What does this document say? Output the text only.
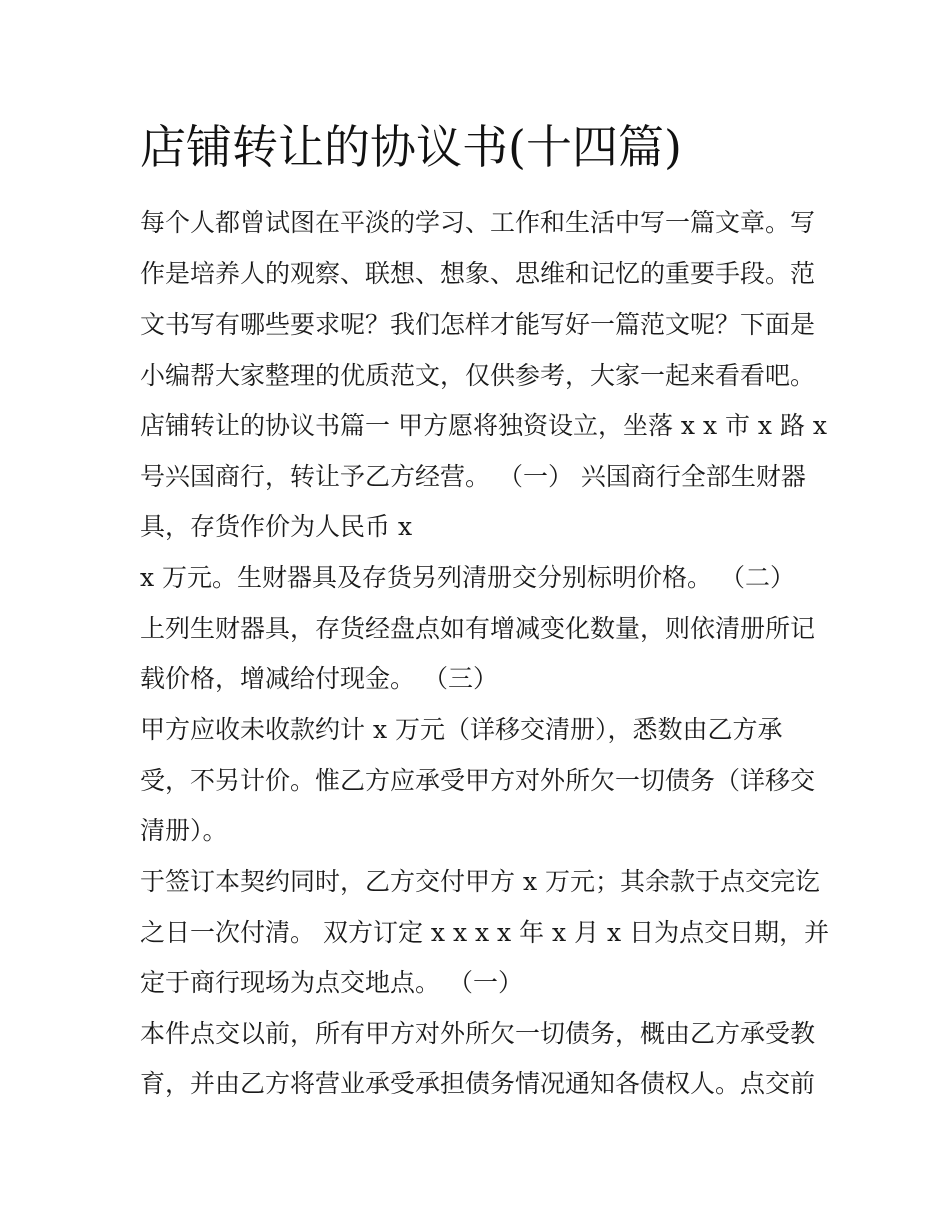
店铺转让的协议书(十四篇)
每个人都曾试图在平淡的学习、工作和生活中写一篇文章。写
作是培养人的观察、联想、想象、思维和记忆的重要手段。范
文书写有哪些要求呢？我们怎样才能写好一篇范文呢？下面是
小编帮大家整理的优质范文，仅供参考，大家一起来看看吧。
店铺转让的协议书篇一 甲方愿将独资设立，坐落 x x 市 x 路 x
号兴国商行，转让予乙方经营。 （一） 兴国商行全部生财器
具，存货作价为人民币 x
x 万元。生财器具及存货另列清册交分别标明价格。 （二）
上列生财器具，存货经盘点如有增减变化数量，则依清册所记
载价格，增减给付现金。 （三）
甲方应收未收款约计 x 万元（详移交清册），悉数由乙方承
受，不另计价。惟乙方应承受甲方对外所欠一切债务（详移交
清册）。
于签订本契约同时，乙方交付甲方 x 万元；其余款于点交完讫
之日一次付清。 双方订定 x x x x 年 x 月 x 日为点交日期，并
定于商行现场为点交地点。 （一）
本件点交以前，所有甲方对外所欠一切债务，概由乙方承受教
育，并由乙方将营业承受承担债务情况通知各债权人。点交前
